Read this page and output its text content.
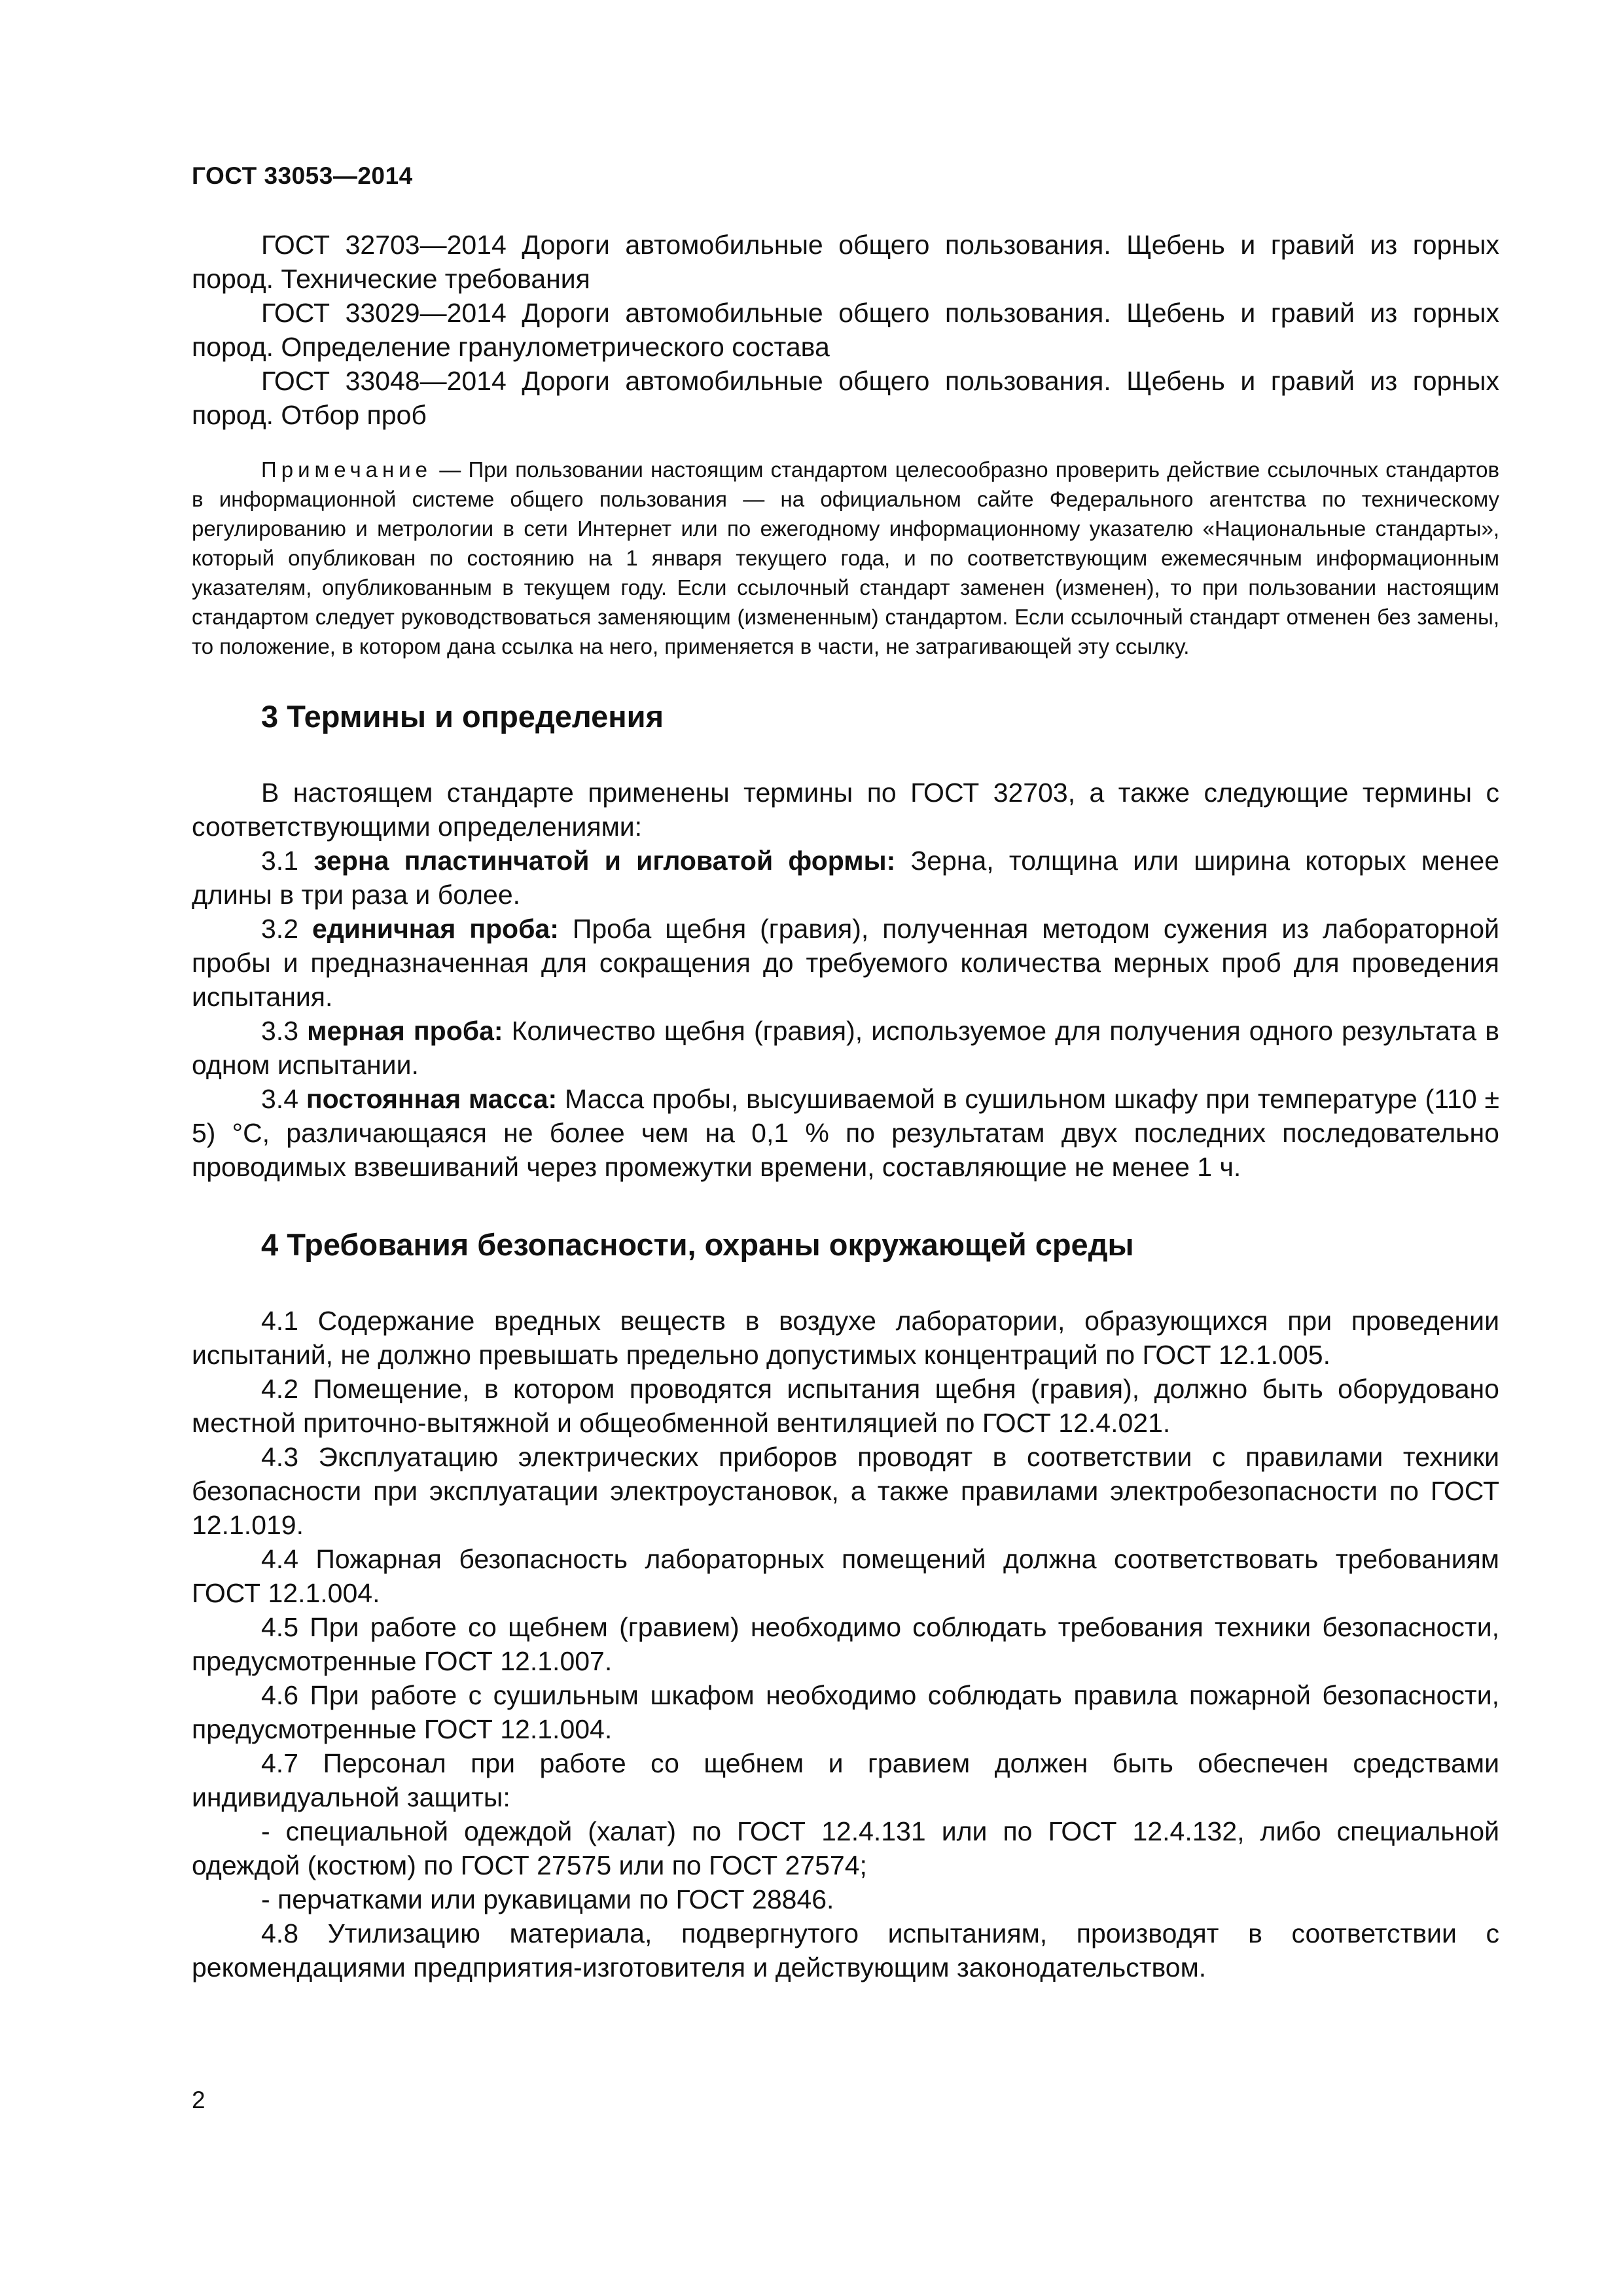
ГОСТ 33053—2014

ГОСТ 32703—2014 Дороги автомобильные общего пользования. Щебень и гравий из горных пород. Технические требования

ГОСТ 33029—2014 Дороги автомобильные общего пользования. Щебень и гравий из горных пород. Определение гранулометрического состава

ГОСТ 33048—2014 Дороги автомобильные общего пользования. Щебень и гравий из горных пород. Отбор проб

Примечание — При пользовании настоящим стандартом целесообразно проверить действие ссылочных стандартов в информационной системе общего пользования — на официальном сайте Федерального агентства по техническому регулированию и метрологии в сети Интернет или по ежегодному информационному указателю «Национальные стандарты», который опубликован по состоянию на 1 января текущего года, и по соответствующим ежемесячным информационным указателям, опубликованным в текущем году. Если ссылочный стандарт заменен (изменен), то при пользовании настоящим стандартом следует руководствоваться заменяющим (измененным) стандартом. Если ссылочный стандарт отменен без замены, то положение, в котором дана ссылка на него, применяется в части, не затрагивающей эту ссылку.

3 Термины и определения

В настоящем стандарте применены термины по ГОСТ 32703, а также следующие термины с соответствующими определениями:

3.1 зерна пластинчатой и игловатой формы: Зерна, толщина или ширина которых менее длины в три раза и более.

3.2 единичная проба: Проба щебня (гравия), полученная методом сужения из лабораторной пробы и предназначенная для сокращения до требуемого количества мерных проб для проведения испытания.

3.3 мерная проба: Количество щебня (гравия), используемое для получения одного результата в одном испытании.

3.4 постоянная масса: Масса пробы, высушиваемой в сушильном шкафу при температуре (110 ± 5) °С, различающаяся не более чем на 0,1 % по результатам двух последних последовательно проводимых взвешиваний через промежутки времени, составляющие не менее 1 ч.

4 Требования безопасности, охраны окружающей среды

4.1 Содержание вредных веществ в воздухе лаборатории, образующихся при проведении испытаний, не должно превышать предельно допустимых концентраций по ГОСТ 12.1.005.

4.2 Помещение, в котором проводятся испытания щебня (гравия), должно быть оборудовано местной приточно-вытяжной и общеобменной вентиляцией по ГОСТ 12.4.021.

4.3 Эксплуатацию электрических приборов проводят в соответствии с правилами техники безопасности при эксплуатации электроустановок, а также правилами электробезопасности по ГОСТ 12.1.019.

4.4 Пожарная безопасность лабораторных помещений должна соответствовать требованиям ГОСТ 12.1.004.

4.5 При работе со щебнем (гравием) необходимо соблюдать требования техники безопасности, предусмотренные ГОСТ 12.1.007.

4.6 При работе с сушильным шкафом необходимо соблюдать правила пожарной безопасности, предусмотренные ГОСТ 12.1.004.

4.7 Персонал при работе со щебнем и гравием должен быть обеспечен средствами индивидуальной защиты:

- специальной одеждой (халат) по ГОСТ 12.4.131 или по ГОСТ 12.4.132, либо специальной одеждой (костюм) по ГОСТ 27575 или по ГОСТ 27574;

- перчатками или рукавицами по ГОСТ 28846.

4.8 Утилизацию материала, подвергнутого испытаниям, производят в соответствии с рекомендациями предприятия-изготовителя и действующим законодательством.

2
